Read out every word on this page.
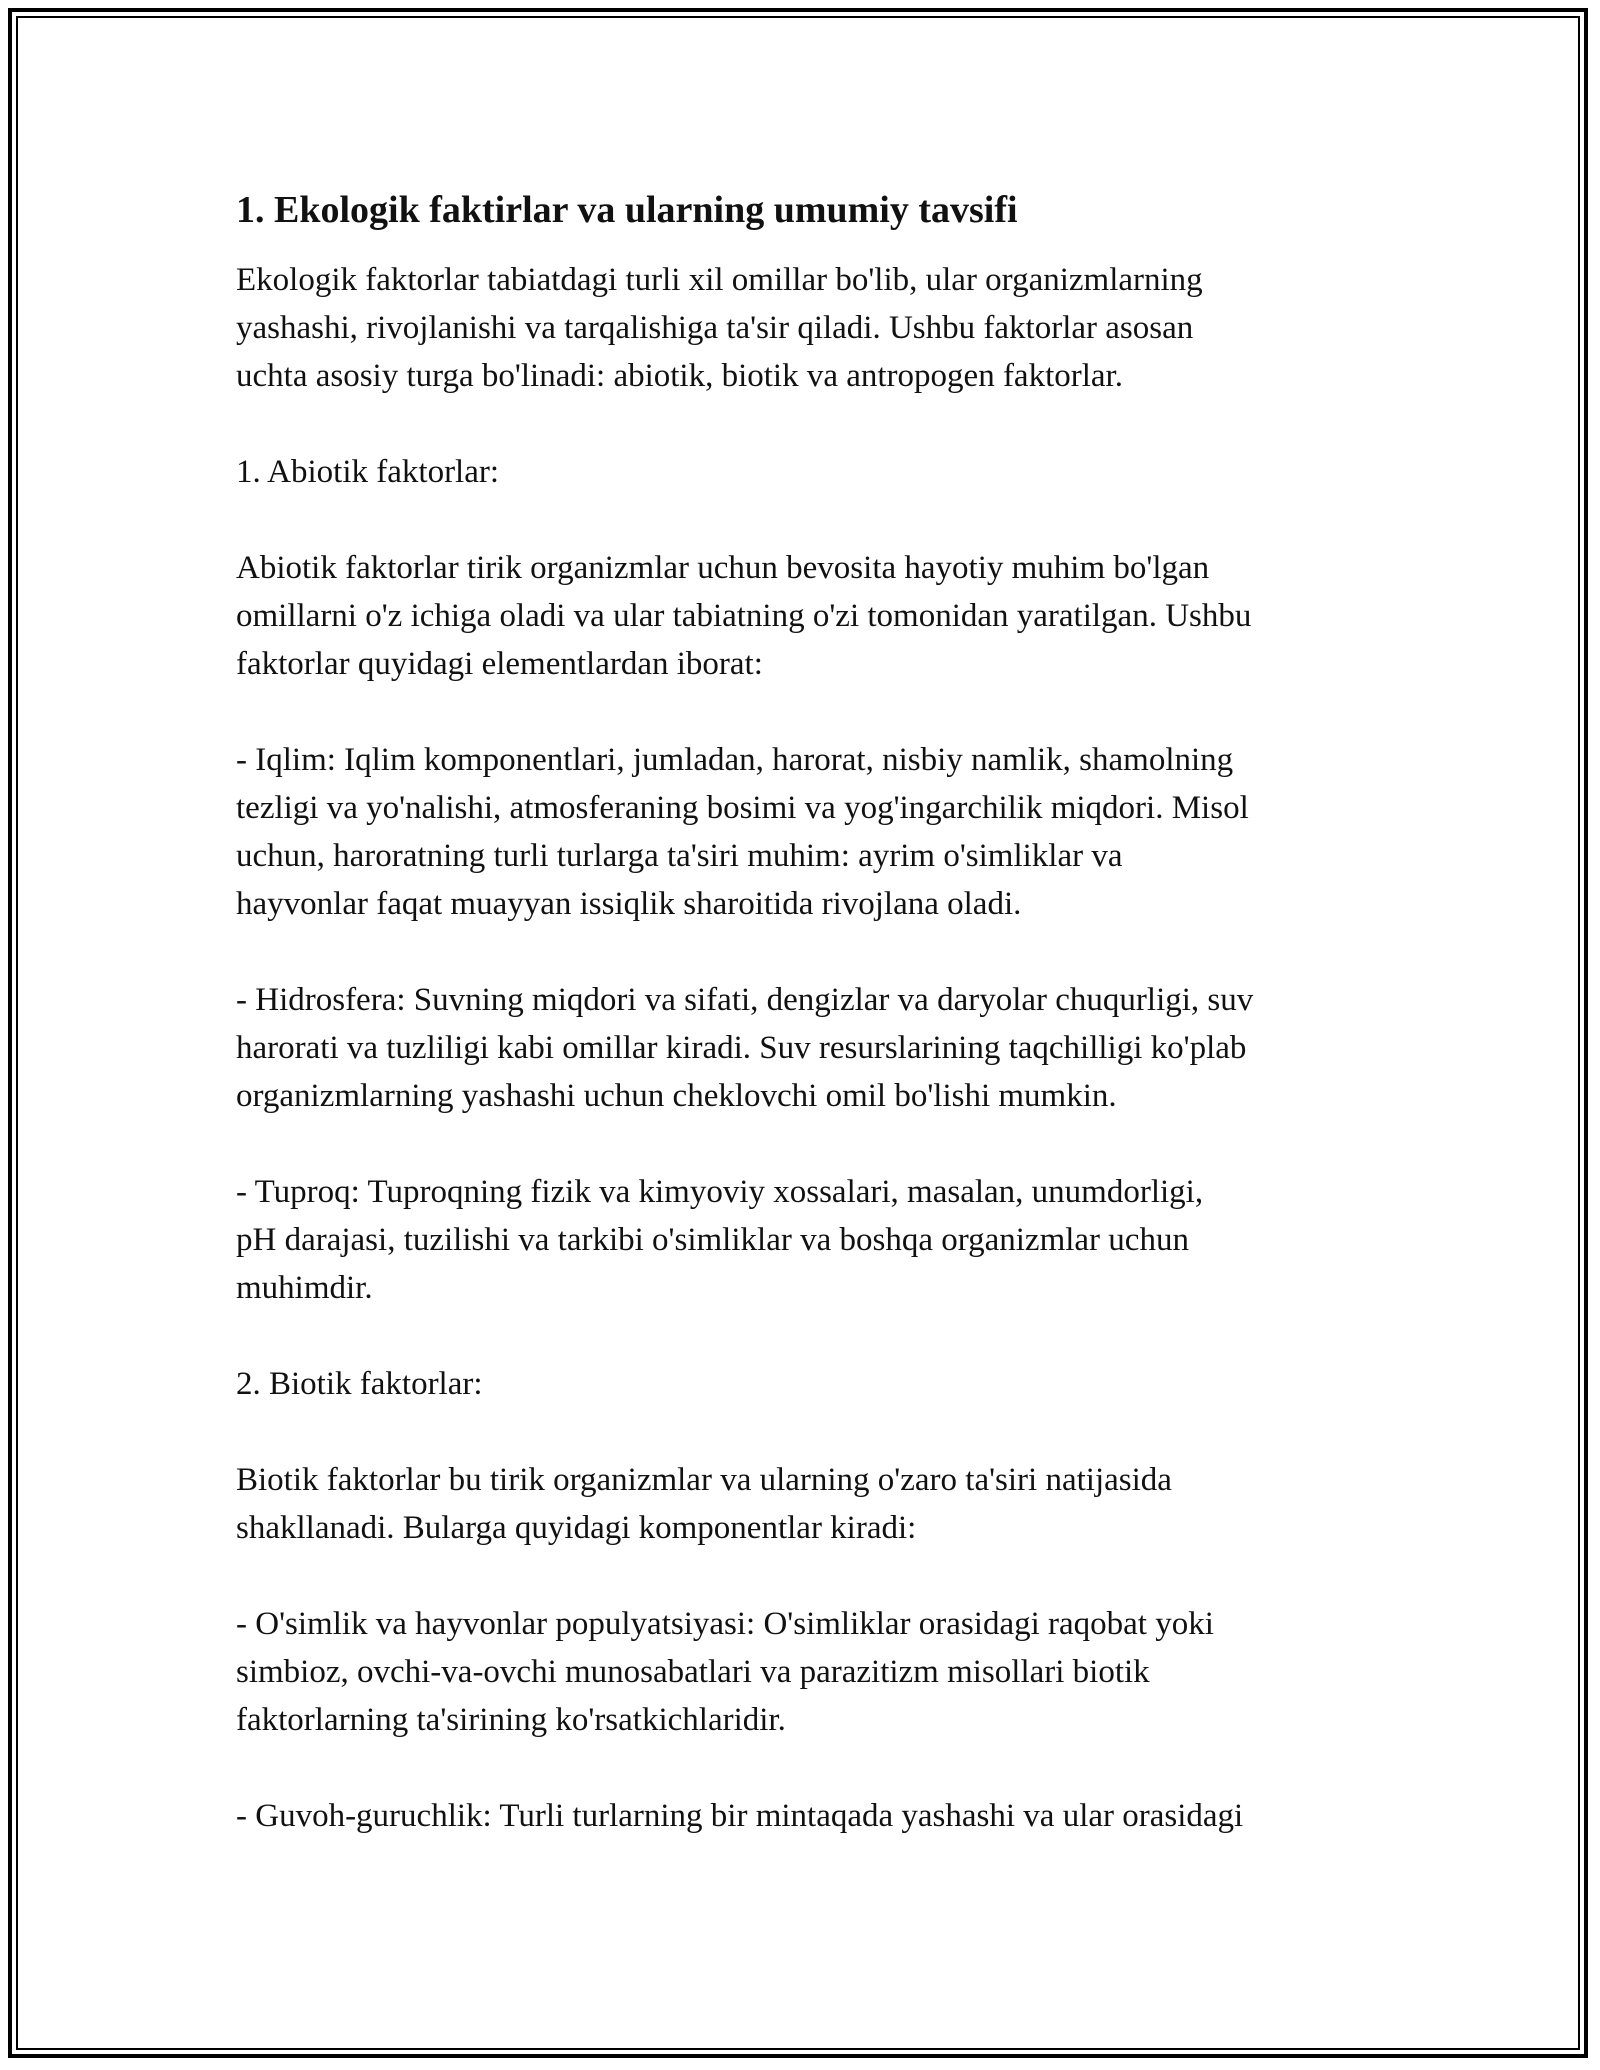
1. Ekologik faktirlar va ularning umumiy tavsifi

Ekologik faktorlar tabiatdagi turli xil omillar bo'lib, ular organizmlarning
yashashi, rivojlanishi va tarqalishiga ta'sir qiladi. Ushbu faktorlar asosan
uchta asosiy turga bo'linadi: abiotik, biotik va antropogen faktorlar.

1. Abiotik faktorlar:

Abiotik faktorlar tirik organizmlar uchun bevosita hayotiy muhim bo'lgan
omillarni o'z ichiga oladi va ular tabiatning o'zi tomonidan yaratilgan. Ushbu
faktorlar quyidagi elementlardan iborat:

- Iqlim: Iqlim komponentlari, jumladan, harorat, nisbiy namlik, shamolning
tezligi va yo'nalishi, atmosferaning bosimi va yog'ingarchilik miqdori. Misol
uchun, haroratning turli turlarga ta'siri muhim: ayrim o'simliklar va
hayvonlar faqat muayyan issiqlik sharoitida rivojlana oladi.

- Hidrosfera: Suvning miqdori va sifati, dengizlar va daryolar chuqurligi, suv
harorati va tuzliligi kabi omillar kiradi. Suv resurslarining taqchilligi ko'plab
organizmlarning yashashi uchun cheklovchi omil bo'lishi mumkin.

- Tuproq: Tuproqning fizik va kimyoviy xossalari, masalan, unumdorligi,
pH darajasi, tuzilishi va tarkibi o'simliklar va boshqa organizmlar uchun
muhimdir.

2. Biotik faktorlar:

Biotik faktorlar bu tirik organizmlar va ularning o'zaro ta'siri natijasida
shakllanadi. Bularga quyidagi komponentlar kiradi:

- O'simlik va hayvonlar populyatsiyasi: O'simliklar orasidagi raqobat yoki
simbioz, ovchi-va-ovchi munosabatlari va parazitizm misollari biotik
faktorlarning ta'sirining ko'rsatkichlaridir.

- Guvoh-guruchlik: Turli turlarning bir mintaqada yashashi va ular orasidagi
